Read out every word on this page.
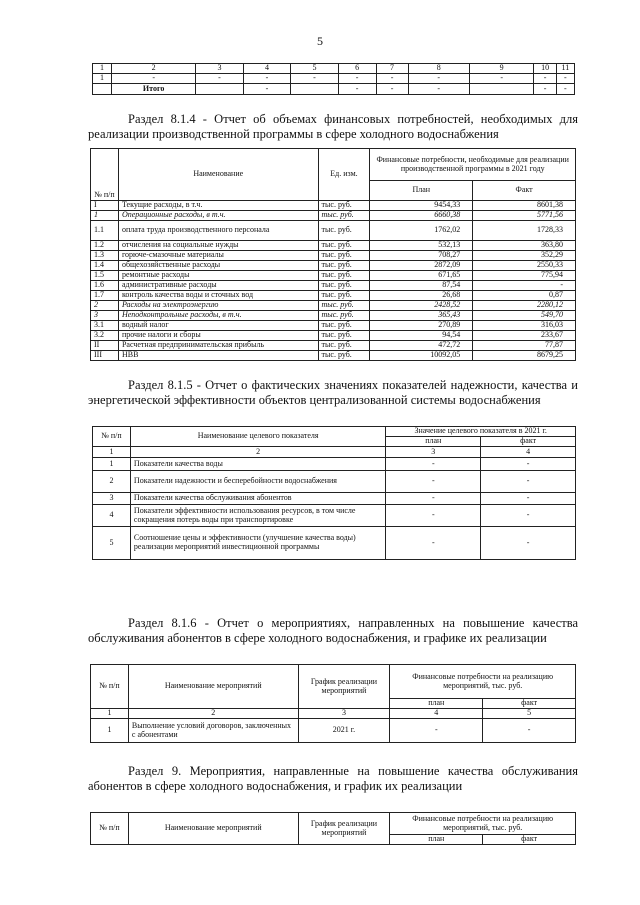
5
1	2	3	4	5	6	7	8	9	10	11
1	-	-	-	-	-	-	-	-	-	-
	Итого		-		-	-	-		-	-
Раздел 8.1.4 - Отчет об объемах финансовых потребностей, необходимых для реализации производственной программы в сфере холодного водоснабжения
№ п/п	Наименование	Ед. изм.	Финансовые потребности, необходимые для реализации производственной программы в 2021 году	
			План	Факт
I	Текущие расходы, в т.ч.	тыс. руб.	9454,33	8601,38
1	Операционные расходы, в т.ч.	тыс. руб.	6660,38	5771,56
1.1	оплата труда производственного персонала	тыс. руб.	1762,02	1728,33
1.2	отчисления на социальные нужды	тыс. руб.	532,13	363,80
1.3	горюче-смазочные материалы	тыс. руб.	708,27	352,29
1.4	общехозяйственные расходы	тыс. руб.	2872,09	2550,33
1.5	ремонтные расходы	тыс. руб.	671,65	775,94
1.6	административные расходы	тыс. руб.	87,54	-
1.7	контроль качества воды и сточных вод	тыс. руб.	26,68	0,87
2	Расходы на электроэнергию	тыс. руб.	2428,52	2280,12
3	Неподконтрольные расходы, в т.ч.	тыс. руб.	365,43	549,70
3.1	водный налог	тыс. руб.	270,89	316,03
3.2	прочие налоги и сборы	тыс. руб.	94,54	233,67
II	Расчетная предпринимательская прибыль	тыс. руб.	472,72	77,87
III	НВВ	тыс. руб.	10092,05	8679,25
Раздел 8.1.5 - Отчет о фактических значениях показателей надежности, качества и энергетической эффективности объектов централизованной системы водоснабжения
№ п/п	Наименование целевого показателя	Значение целевого показателя в 2021 г.	
		план	факт
1	2	3	4
1	Показатели качества воды	-	-
2	Показатели надежности и бесперебойности водоснабжения	-	-
3	Показатели качества обслуживания абонентов	-	-
4	Показатели эффективности использования ресурсов, в том числе сокращения потерь воды при транспортировке	-	-
5	Соотношение цены и эффективности (улучшение качества воды) реализации мероприятий инвестиционной программы	-	-
Раздел 8.1.6 - Отчет о мероприятиях, направленных на повышение качества обслуживания абонентов в сфере холодного водоснабжения, и графике их реализации
№ п/п	Наименование мероприятий	График реализации мероприятий	Финансовые потребности на реализацию мероприятий, тыс. руб.	
			план	факт
1	2	3	4	5
1	Выполнение условий договоров, заключенных с абонентами	2021 г.	-	-
Раздел 9. Мероприятия, направленные на повышение качества обслуживания абонентов в сфере холодного водоснабжения, и график их реализации
№ п/п	Наименование мероприятий	График реализации мероприятий	Финансовые потребности на реализацию мероприятий, тыс. руб.	
			план	факт
